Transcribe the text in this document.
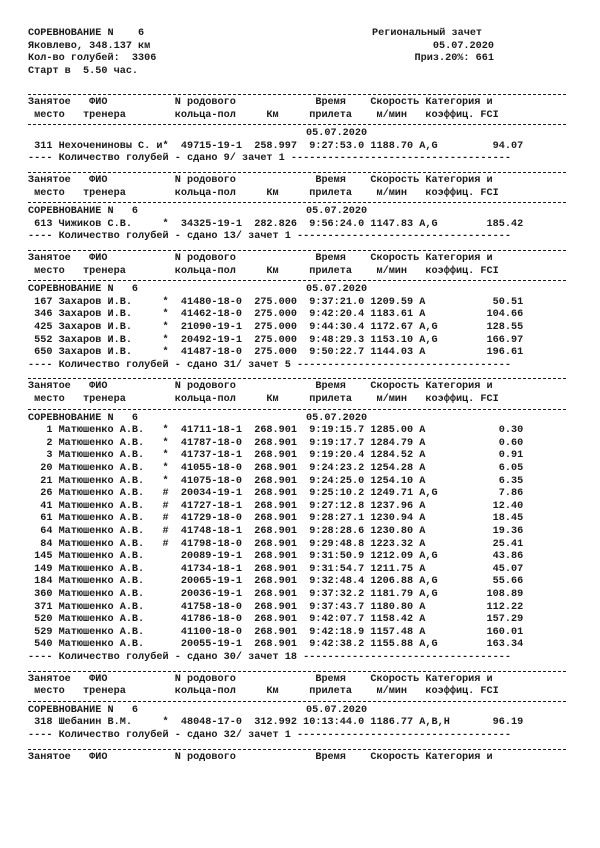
СОРЕВНОВАНИЕ N    6
Яковлево, 348.137 км
Кол-во голубей:  3306
Старт в  5.50 час.
Региональный зачет
05.07.2020
Приз.20%: 661
Занятое   ФИО           N родового             Время    Скорость Категория и
место   тренера        кольца-пол     Км     прилета    м/мин   коэффиц. FCI
05.07.2020
311 Нехочениновы С. и*  49715-19-1  258.997  9:27:53.0 1188.70 A,G         94.07
---- Количество голубей - сдано 9/ зачет 1 ------------------------------------
Занятое   ФИО           N родового             Время    Скорость Категория и
место   тренера        кольца-пол     Км     прилета    м/мин   коэффиц. FCI
СОРЕВНОВАНИЕ N   6	05.07.2020
613 Чижиков С.В.     *  34325-19-1  282.826  9:56:24.0 1147.83 A,G        185.42
---- Количество голубей - сдано 13/ зачет 1 -----------------------------------
Занятое   ФИО           N родового             Время    Скорость Категория и
место   тренера        кольца-пол     Км     прилета    м/мин   коэффиц. FCI
СОРЕВНОВАНИЕ N   6	05.07.2020
167 Захаров И.В.     *  41480-18-0  275.000  9:37:21.0 1209.59 A           50.51
346 Захаров И.В.     *  41462-18-0  275.000  9:42:20.4 1183.61 A          104.66
425 Захаров И.В.     *  21090-19-1  275.000  9:44:30.4 1172.67 A,G        128.55
552 Захаров И.В.     *  20492-19-1  275.000  9:48:29.3 1153.10 A,G        166.97
650 Захаров И.В.     *  41487-18-0  275.000  9:50:22.7 1144.03 A          196.61
---- Количество голубей - сдано 31/ зачет 5 -----------------------------------
Занятое   ФИО           N родового             Время    Скорость Категория и
место   тренера        кольца-пол     Км     прилета    м/мин   коэффиц. FCI
СОРЕВНОВАНИЕ N   6	05.07.2020
1 Матюшенко А.В.   *  41711-18-1  268.901  9:19:15.7 1285.00 A            0.30
2 Матюшенко А.В.   *  41787-18-0  268.901  9:19:17.7 1284.79 A            0.60
3 Матюшенко А.В.   *  41737-18-1  268.901  9:19:20.4 1284.52 A            0.91
20 Матюшенко А.В.   *  41055-18-0  268.901  9:24:23.2 1254.28 A            6.05
21 Матюшенко А.В.   *  41075-18-0  268.901  9:24:25.0 1254.10 A            6.35
26 Матюшенко А.В.   #  20034-19-1  268.901  9:25:10.2 1249.71 A,G          7.86
41 Матюшенко А.В.   #  41727-18-1  268.901  9:27:12.8 1237.96 A           12.40
61 Матюшенко А.В.   #  41729-18-0  268.901  9:28:27.1 1230.94 A           18.45
64 Матюшенко А.В.   #  41748-18-1  268.901  9:28:28.6 1230.80 A           19.36
84 Матюшенко А.В.   #  41798-18-0  268.901  9:29:48.8 1223.32 A           25.41
145 Матюшенко А.В.      20089-19-1  268.901  9:31:50.9 1212.09 A,G         43.86
149 Матюшенко А.В.      41734-18-1  268.901  9:31:54.7 1211.75 A           45.07
184 Матюшенко А.В.      20065-19-1  268.901  9:32:48.4 1206.88 A,G         55.66
360 Матюшенко А.В.      20036-19-1  268.901  9:37:32.2 1181.79 A,G        108.89
371 Матюшенко А.В.      41758-18-0  268.901  9:37:43.7 1180.80 A          112.22
520 Матюшенко А.В.      41786-18-0  268.901  9:42:07.7 1158.42 A          157.29
529 Матюшенко А.В.      41100-18-0  268.901  9:42:18.9 1157.48 A          160.01
540 Матюшенко А.В.      20055-19-1  268.901  9:42:38.2 1155.88 A,G        163.34
---- Количество голубей - сдано 30/ зачет 18 ----------------------------------
Занятое   ФИО           N родового             Время    Скорость Категория и
место   тренера        кольца-пол     Км     прилета    м/мин   коэффиц. FCI
СОРЕВНОВАНИЕ N   6	05.07.2020
318 Шебанин В.М.     *  48048-17-0  312.992 10:13:44.0 1186.77 A,B,H       96.19
---- Количество голубей - сдано 32/ зачет 1 -----------------------------------
Занятое   ФИО           N родового             Время    Скорость Категория и
